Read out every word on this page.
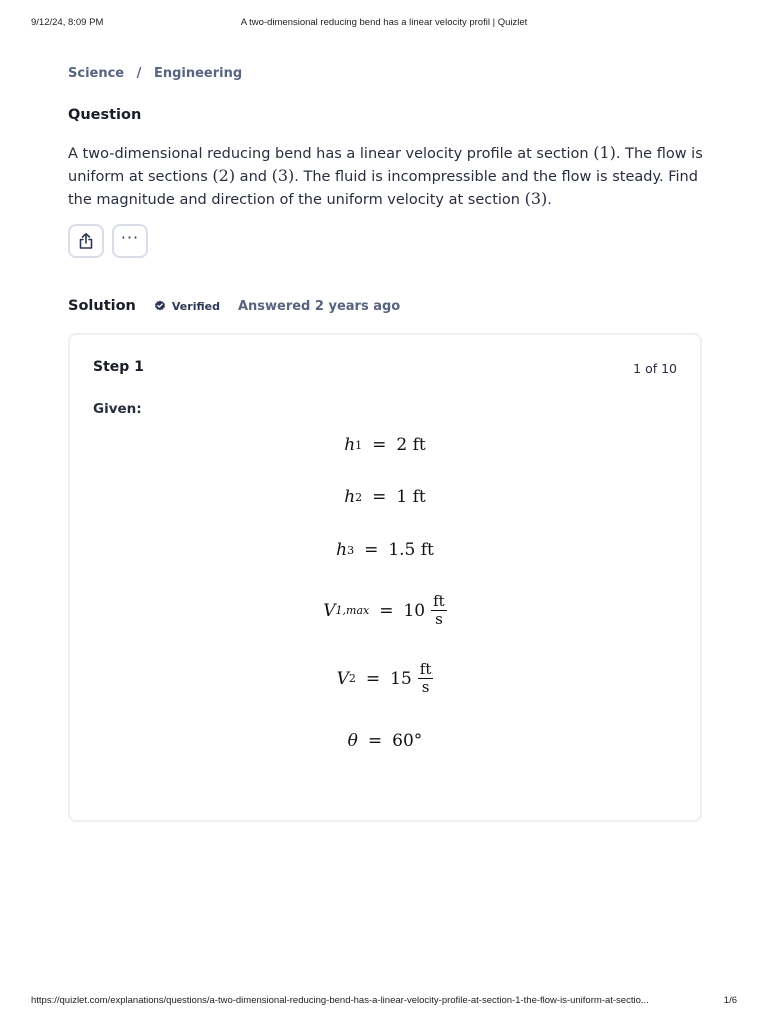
9/12/24, 8:09 PM	A two-dimensional reducing bend has a linear velocity profil | Quizlet
Science / Engineering
Question

A two-dimensional reducing bend has a linear velocity profile at section (1). The flow is uniform at sections (2) and (3). The fluid is incompressible and the flow is steady. Find the magnitude and direction of the uniform velocity at section (3).

···
Solution	Verified Answered 2 years ago
Step 1	1 of 10
Given:
h 1 = 2 ft
h 2 = 1 ft
h 3 = 1.5 ft
V $1,\max = 10 \frac{ft}{s}$
V $2 = 15 \frac{ft}{s}$
θ = 60°
https://quizlet.com/explanations/questions/a-two-dimensional-reducing-bend-has-a-linear-velocity-profile-at-section-1-the-flow-is-uniform-at-sectio...	1/6
